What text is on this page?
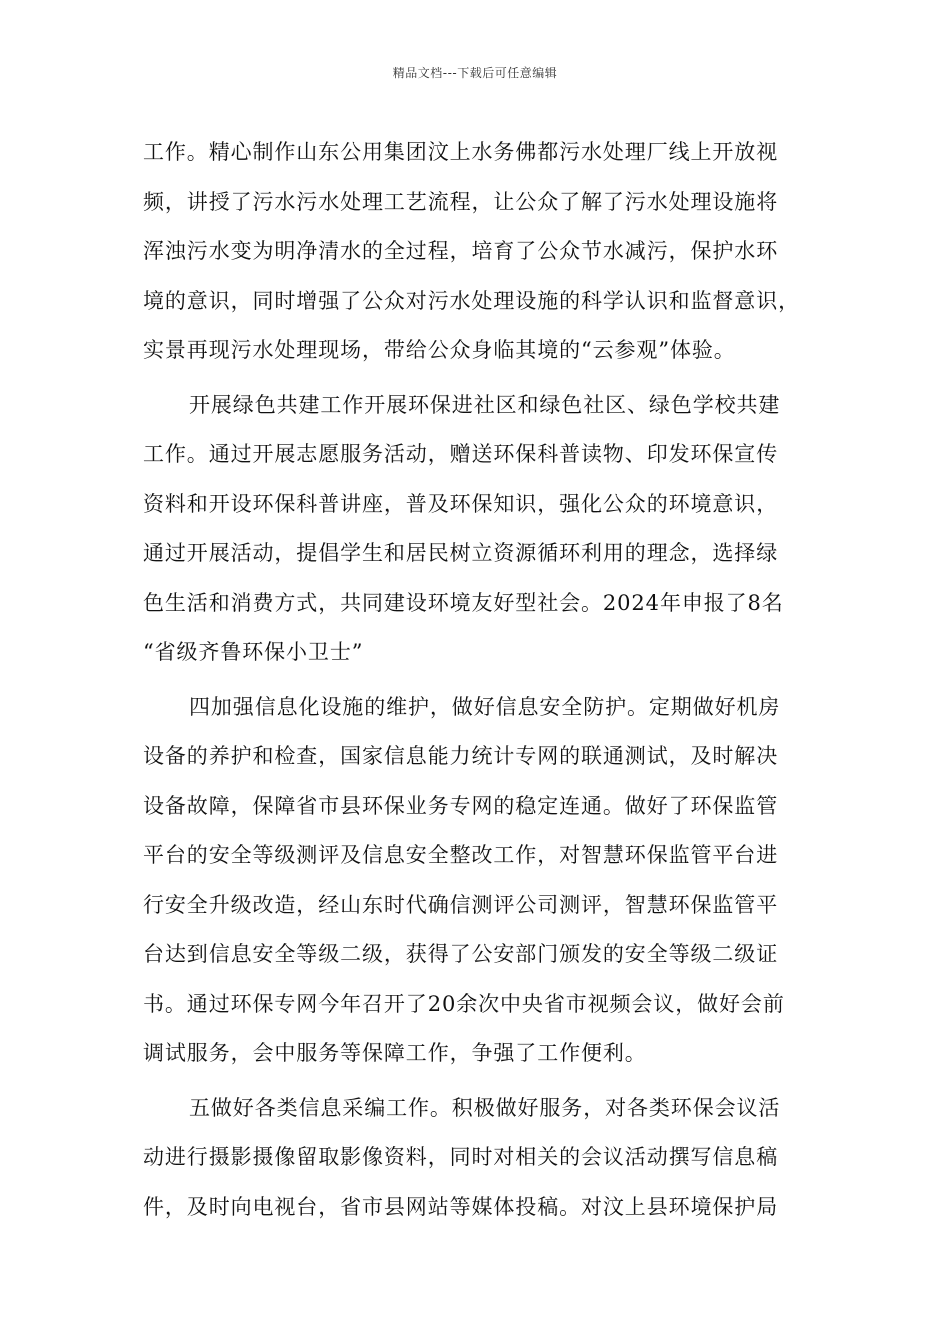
精品文档---下载后可任意编辑
工作。精心制作山东公用集团汶上水务佛都污水处理厂线上开放视
频，讲授了污水污水处理工艺流程，让公众了解了污水处理设施将
浑浊污水变为明净清水的全过程，培育了公众节水减污，保护水环
境的意识，同时增强了公众对污水处理设施的科学认识和监督意识，
实景再现污水处理现场，带给公众身临其境的“云参观”体验。
开展绿色共建工作开展环保进社区和绿色社区、绿色学校共建
工作。通过开展志愿服务活动，赠送环保科普读物、印发环保宣传
资料和开设环保科普讲座，普及环保知识，强化公众的环境意识，
通过开展活动，提倡学生和居民树立资源循环利用的理念，选择绿
色生活和消费方式，共同建设环境友好型社会。2024年申报了8名
“省级齐鲁环保小卫士”
四加强信息化设施的维护，做好信息安全防护。定期做好机房
设备的养护和检查，国家信息能力统计专网的联通测试，及时解决
设备故障，保障省市县环保业务专网的稳定连通。做好了环保监管
平台的安全等级测评及信息安全整改工作，对智慧环保监管平台进
行安全升级改造，经山东时代确信测评公司测评，智慧环保监管平
台达到信息安全等级二级，获得了公安部门颁发的安全等级二级证
书。通过环保专网今年召开了20余次中央省市视频会议，做好会前
调试服务，会中服务等保障工作，争强了工作便利。
五做好各类信息采编工作。积极做好服务，对各类环保会议活
动进行摄影摄像留取影像资料，同时对相关的会议活动撰写信息稿
件，及时向电视台，省市县网站等媒体投稿。对汶上县环境保护局
